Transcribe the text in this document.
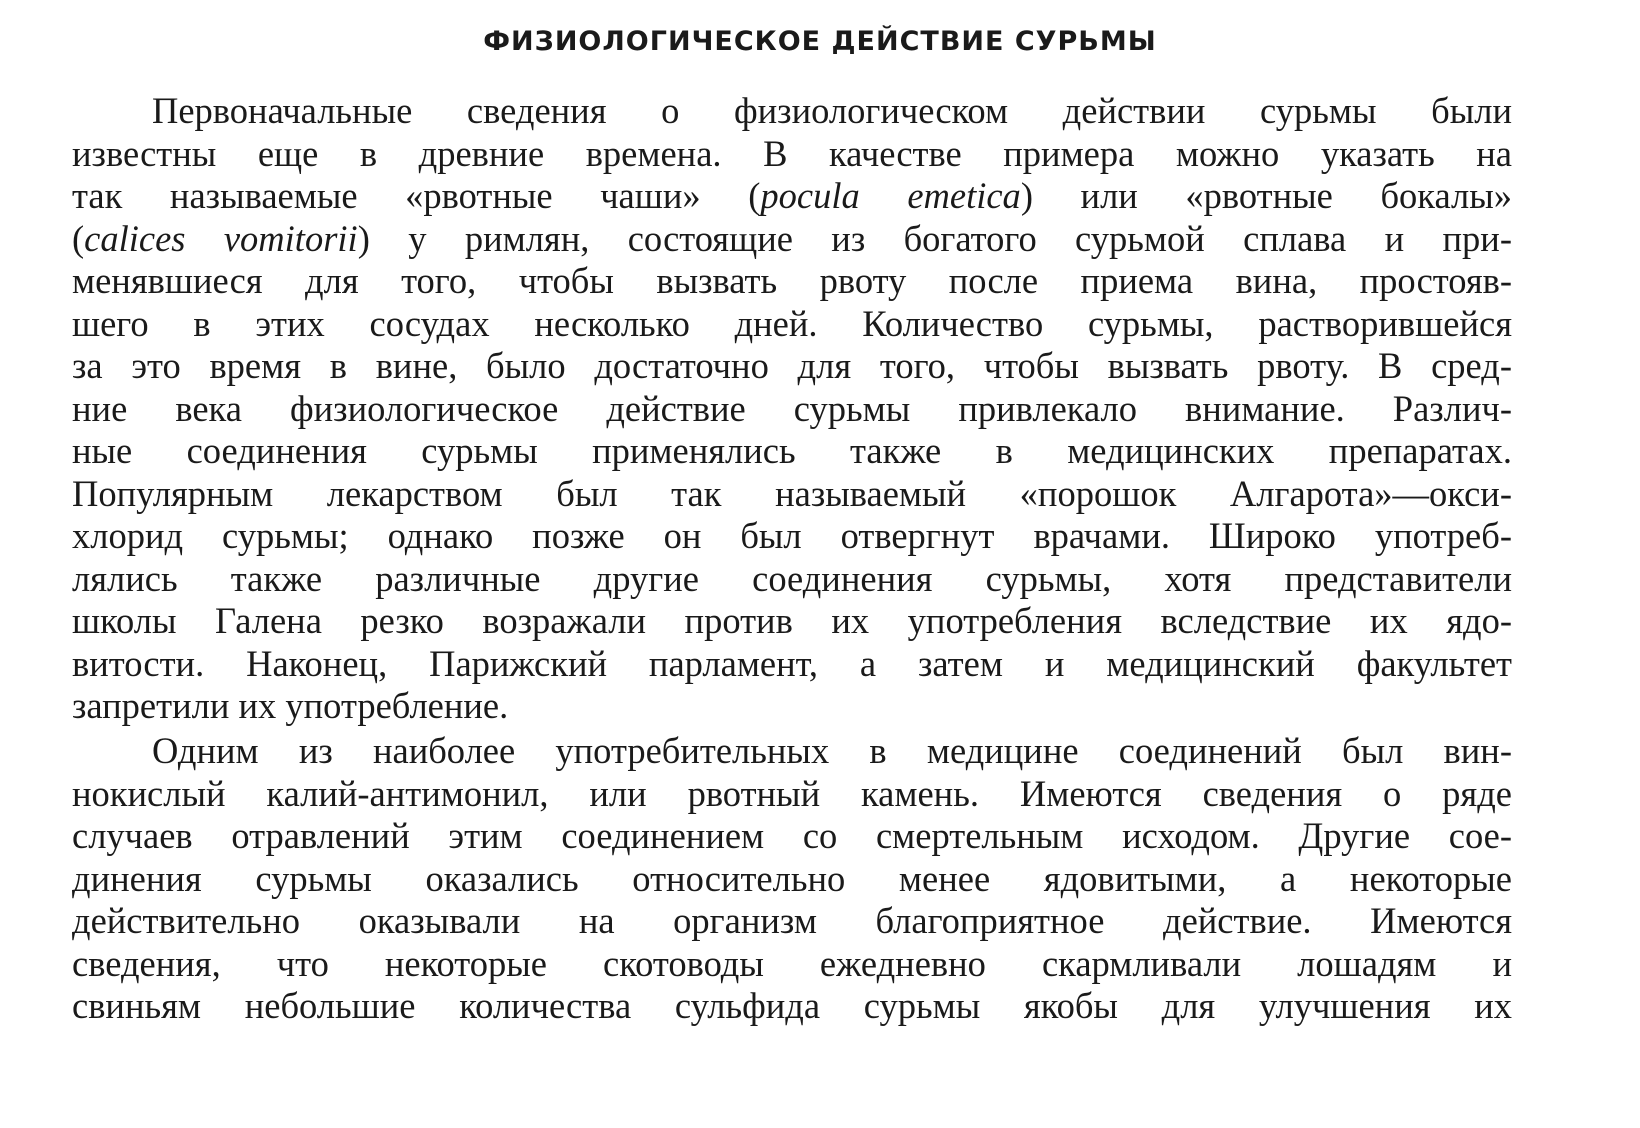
ФИЗИОЛОГИЧЕСКОЕ ДЕЙСТВИЕ СУРЬМЫ
Первоначальные сведения о физиологическом действии сурьмы были
известны еще в древние времена. В качестве примера можно указать на
так называемые «рвотные чаши» (pocula emetica) или «рвотные бокалы»
(calices vomitorii) у римлян, состоящие из богатого сурьмой сплава и при-
менявшиеся для того, чтобы вызвать рвоту после приема вина, простояв-
шего в этих сосудах несколько дней. Количество сурьмы, растворившейся
за это время в вине, было достаточно для того, чтобы вызвать рвоту. В сред-
ние века физиологическое действие сурьмы привлекало внимание. Различ-
ные соединения сурьмы применялись также в медицинских препаратах.
Популярным лекарством был так называемый «порошок Алгарота»—окси-
хлорид сурьмы; однако позже он был отвергнут врачами. Широко употреб-
лялись также различные другие соединения сурьмы, хотя представители
школы Галена резко возражали против их употребления вследствие их ядо-
витости. Наконец, Парижский парламент, а затем и медицинский факультет
запретили их употребление.
Одним из наиболее употребительных в медицине соединений был вин-
нокислый калий-антимонил, или рвотный камень. Имеются сведения о ряде
случаев отравлений этим соединением со смертельным исходом. Другие сое-
динения сурьмы оказались относительно менее ядовитыми, а некоторые
действительно оказывали на организм благоприятное действие. Имеются
сведения, что некоторые скотоводы ежедневно скармливали лошадям и
свиньям небольшие количества сульфида сурьмы якобы для улучшения их
